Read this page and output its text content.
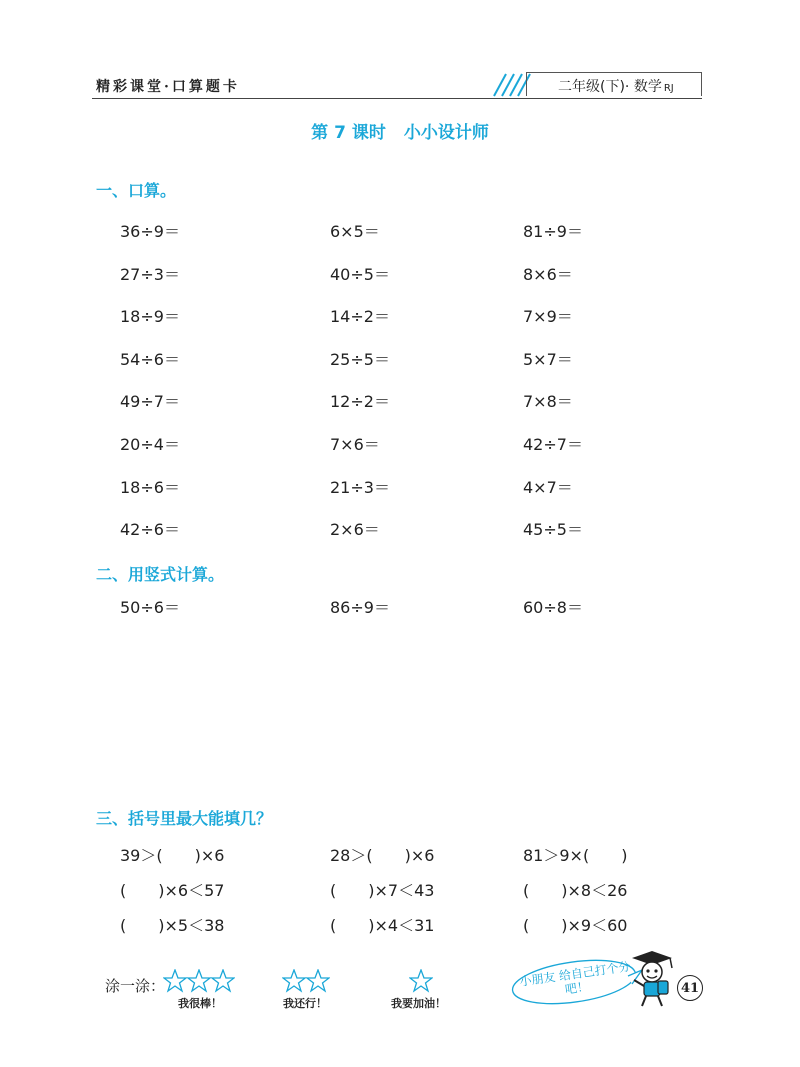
精彩课堂·口算题卡	二年级(下)· 数学 RJ
第 7 课时 小小设计师
一、口算。
36÷9＝	6×5＝	81÷9＝
27÷3＝	40÷5＝	8×6＝
18÷9＝	14÷2＝	7×9＝
54÷6＝	25÷5＝	5×7＝
49÷7＝	12÷2＝	7×8＝
20÷4＝	7×6＝	42÷7＝
18÷6＝	21÷3＝	4×7＝
42÷6＝	2×6＝	45÷5＝
二、用竖式计算。
50÷6＝	86÷9＝	60÷8＝
三、括号里最大能填几？
39＞(　　)×6	28＞(　　)×6	81＞9×(　　)
(　　)×6＜57	(　　)×7＜43	(　　)×8＜26
(　　)×5＜38	(　　)×4＜31	(　　)×9＜60
涂一涂：
我很棒！	我还行！	我要加油！
小朋友 给自己打个分吧！	41
